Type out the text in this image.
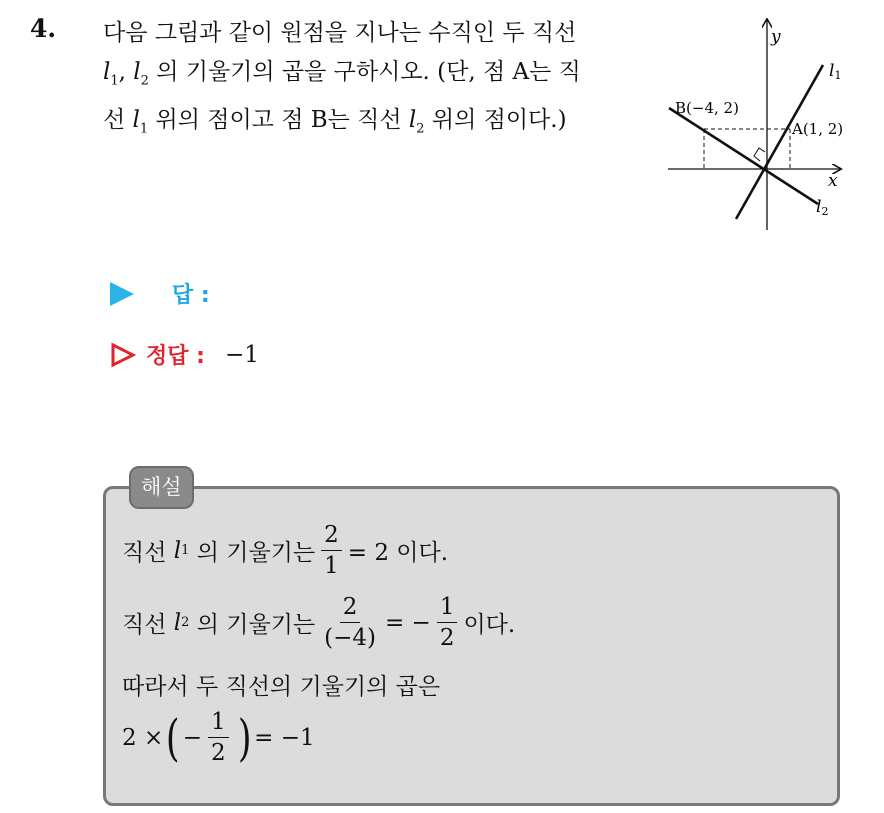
4. 다음 그림과 같이 원점을 지나는 수직인 두 직선
$l_1$, $l_2$ 의 기울기의 곱을 구하시오. (단, 점 A는 직
선 $l_1$ 위의 점이고 점 B는 직선 $l_2$ 위의 점이다.)
y
x
l1
l2
A(1, 2)
B(−4, 2)
답 :
정답 : −1
해설
직선
l 1
의 기울기는 $\frac{2}{1} = 2$ 이다.
직선
l 2
의 기울기는 $\frac{2}{(-4)}$ = − $\frac{1}{2}$ 이다.
따라서 두 직선의 기울기의 곱은
2 × ( − $\frac{1}{2}$ ) = −1
